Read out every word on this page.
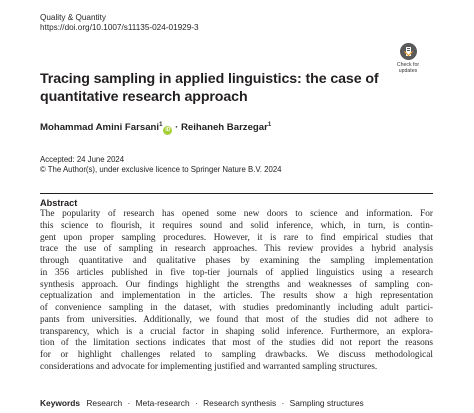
Quality & Quantity
https://doi.org/10.1007/s11135-024-01929-3
Check for
updates
Tracing sampling in applied linguistics: the case of
quantitative research approach
Mohammad Amini Farsani$^1$iD · Reihaneh Barzegar$^1$
Accepted: 24 June 2024
© The Author(s), under exclusive licence to Springer Nature B.V. 2024
Abstract
The popularity of research has opened some new doors to science and information. For
this science to flourish, it requires sound and solid inference, which, in turn, is contin-
gent upon proper sampling procedures. However, it is rare to find empirical studies that
trace the use of sampling in research approaches. This review provides a hybrid analysis
through quantitative and qualitative phases by examining the sampling implementation
in 356 articles published in five top-tier journals of applied linguistics using a research
synthesis approach. Our findings highlight the strengths and weaknesses of sampling con-
ceptualization and implementation in the articles. The results show a high representation
of convenience sampling in the dataset, with studies predominantly including adult partici-
pants from universities. Additionally, we found that most of the studies did not adhere to
transparency, which is a crucial factor in shaping solid inference. Furthermore, an explora-
tion of the limitation sections indicates that most of the studies did not report the reasons
for or highlight challenges related to sampling drawbacks. We discuss methodological
considerations and advocate for implementing justified and warranted sampling structures.
Keywords Research · Meta-research · Research synthesis · Sampling structures
